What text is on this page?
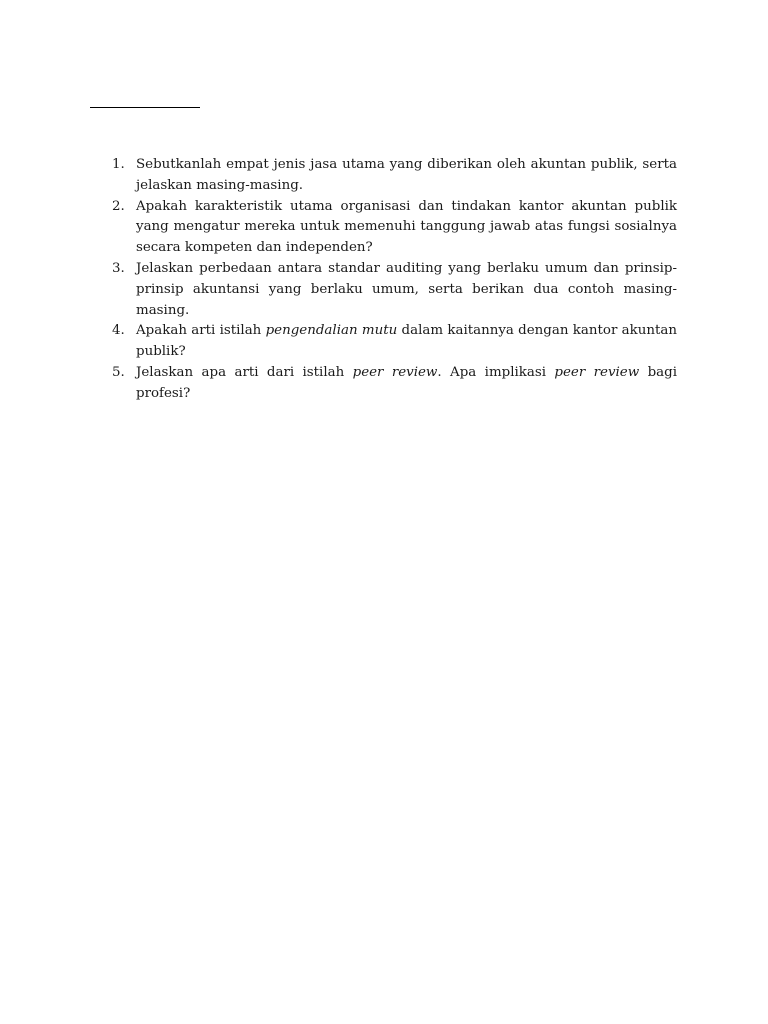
1. Sebutkanlah empat jenis jasa utama yang diberikan oleh akuntan publik, serta jelaskan masing-masing.
2. Apakah karakteristik utama organisasi dan tindakan kantor akuntan publik yang mengatur mereka untuk memenuhi tanggung jawab atas fungsi sosialnya secara kompeten dan independen?
3. Jelaskan perbedaan antara standar auditing yang berlaku umum dan prinsip-prinsip akuntansi yang berlaku umum, serta berikan dua contoh masing-masing.
4. Apakah arti istilah pengendalian mutu dalam kaitannya dengan kantor akuntan publik?
5. Jelaskan apa arti dari istilah peer review. Apa implikasi peer review bagi profesi?
